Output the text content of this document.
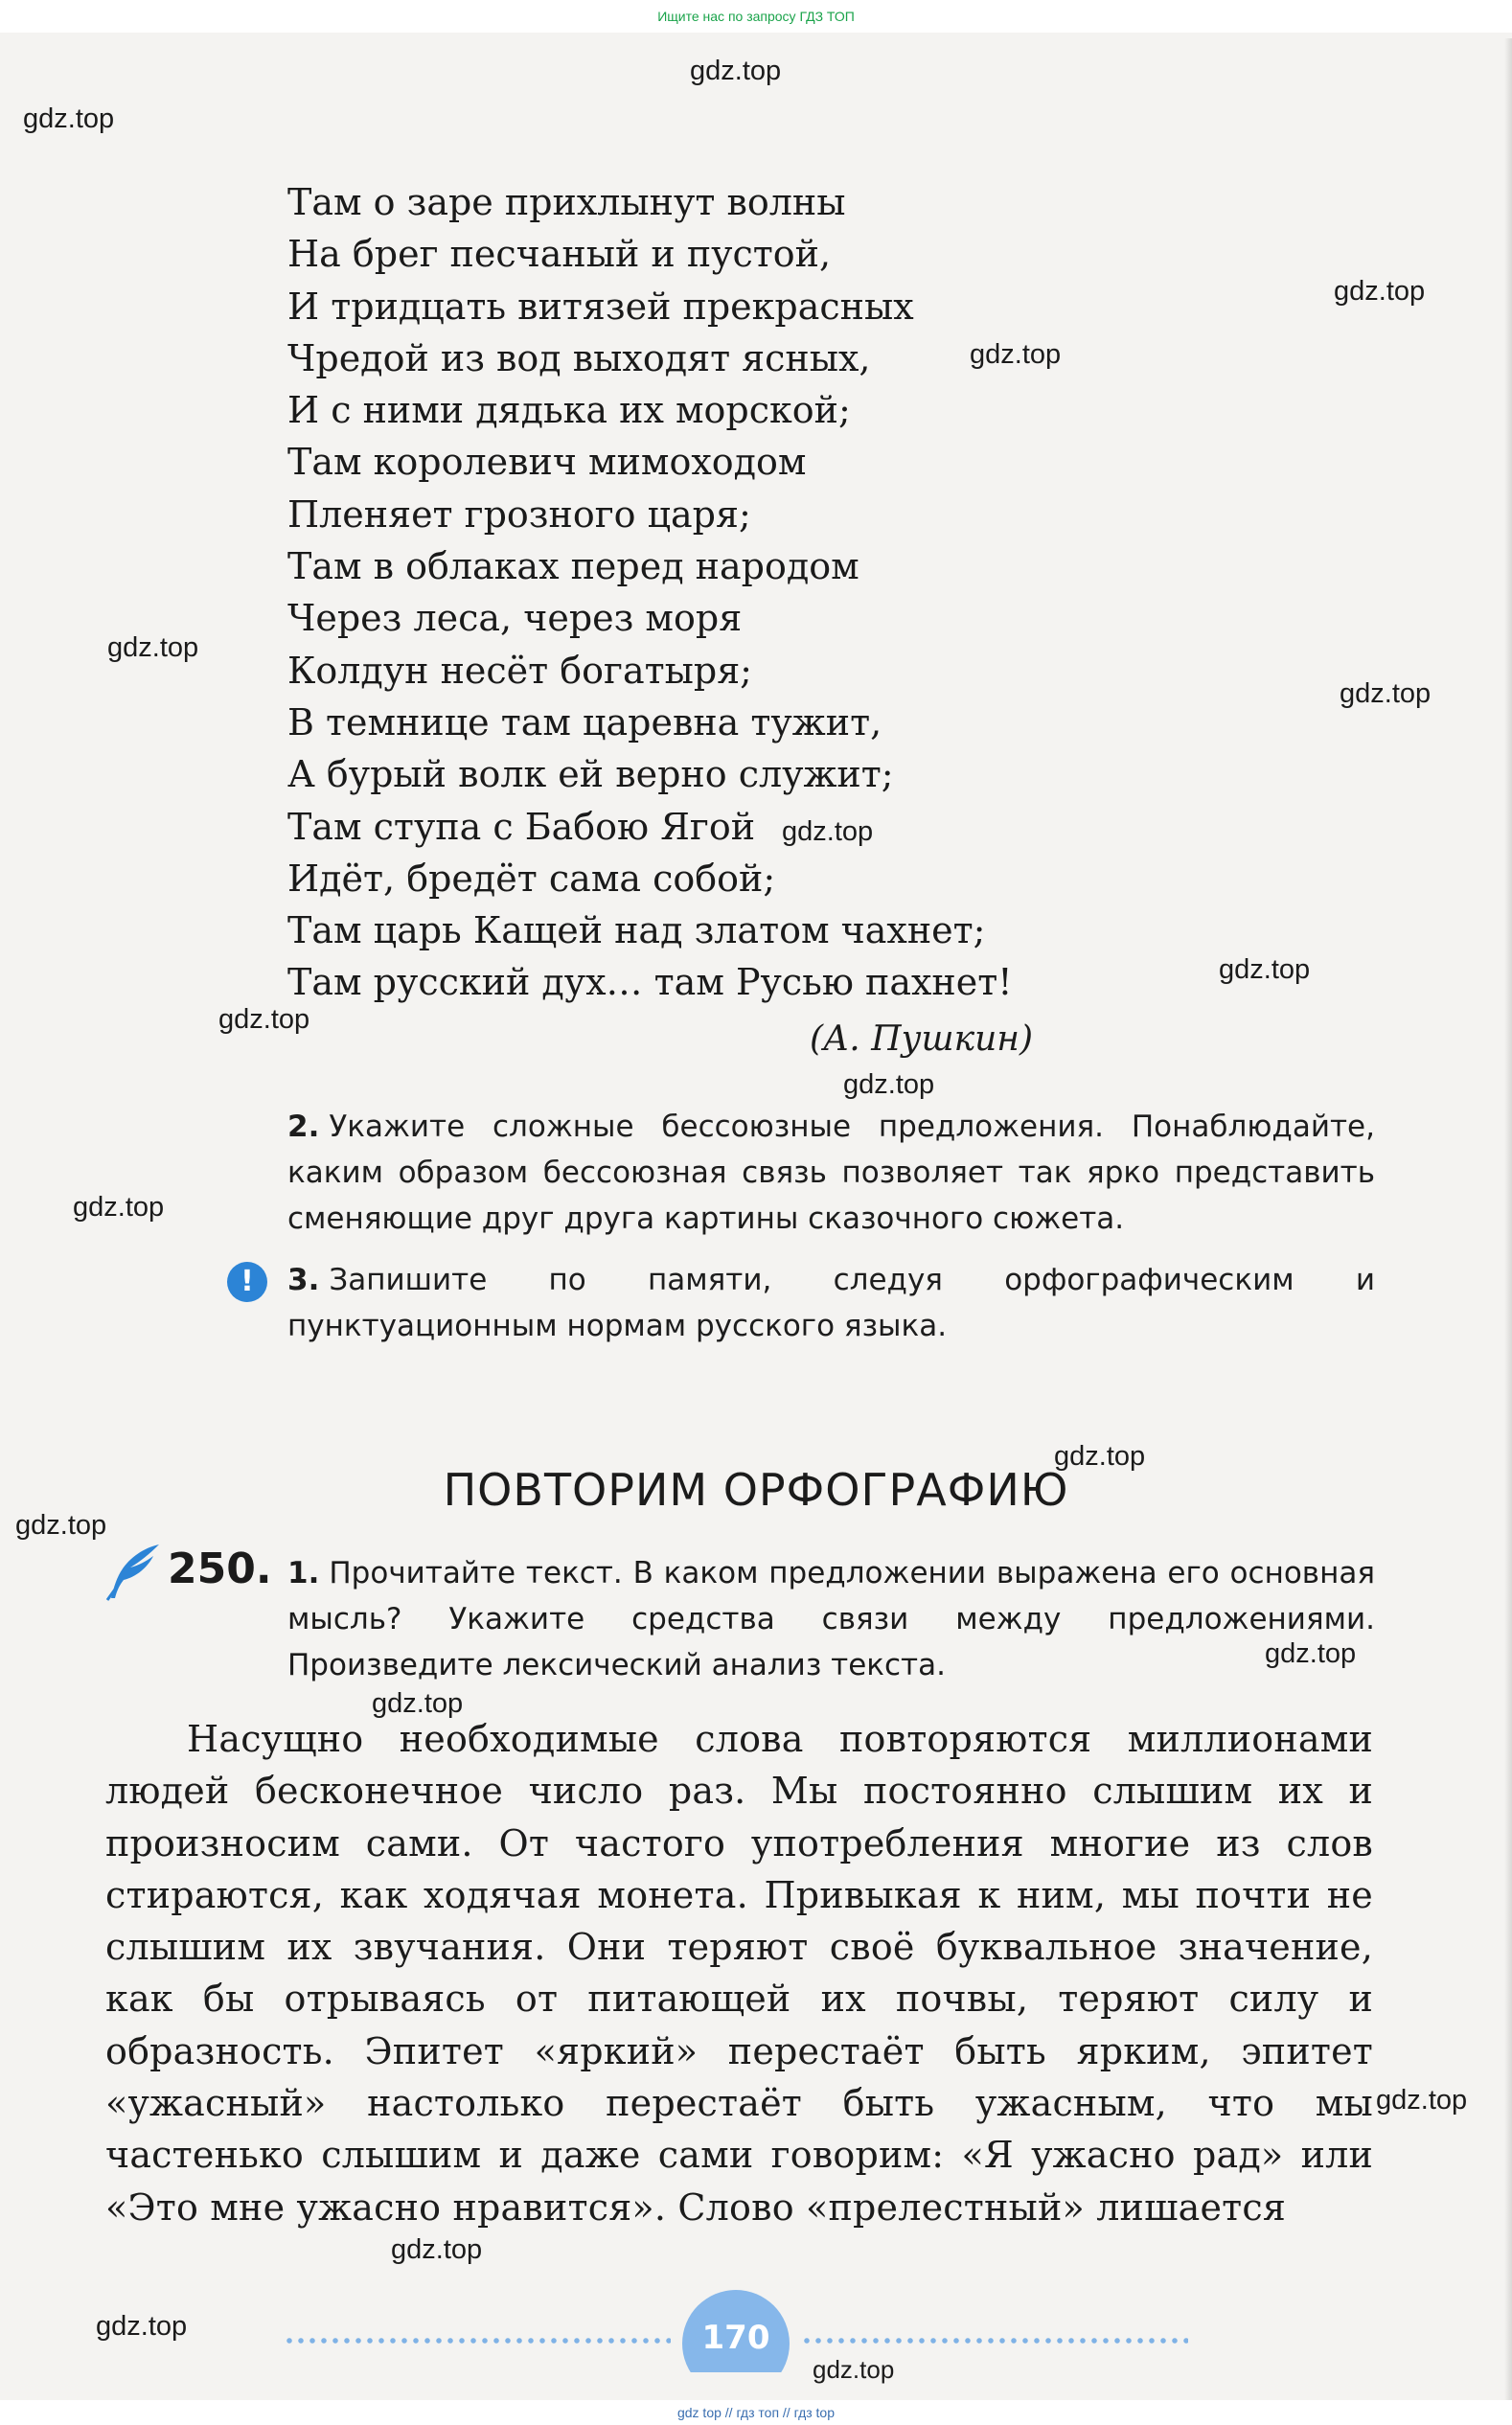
Ищите нас по запросу ГДЗ ТОП
Там о заре прихлынут волны
На брег песчаный и пустой,
И тридцать витязей прекрасных
Чредой из вод выходят ясных,
И с ними дядька их морской;
Там королевич мимоходом
Пленяет грозного царя;
Там в облаках перед народом
Через леса, через моря
Колдун несёт богатыря;
В темнице там царевна тужит,
А бурый волк ей верно служит;
Там ступа с Бабою Ягой
Идёт, бредёт сама собой;
Там царь Кащей над златом чахнет;
Там русский дух… там Русью пахнет!
(А. Пушкин)
2. Укажите сложные бессоюзные предложения. Понаблюдайте, каким образом бессоюзная связь позволяет так ярко представить сменяющие друг друга картины сказочного сюжета.
!	3. Запишите по памяти, следуя орфографическим и пунктуационным нормам русского языка.
ПОВТОРИМ ОРФОГРАФИЮ
250. 1. Прочитайте текст. В каком предложении выражена его основная мысль? Укажите средства связи между предложениями. Произведите лексический анализ текста.
Насущно необходимые слова повторяются миллионами людей бесконечное число раз. Мы постоянно слышим их и произносим сами. От частого употребления многие из слов стираются, как ходячая монета. Привыкая к ним, мы почти не слышим их звучания. Они теряют своё буквальное значение, как бы отрываясь от питающей их почвы, теряют силу и образность. Эпитет «яркий» перестаёт быть ярким, эпитет «ужасный» настолько перестаёт быть ужасным, что мы частенько слышим и даже сами говорим: «Я ужасно рад» или «Это мне ужасно нравится». Слово «прелестный» лишается
170
gdz.top
gdz.top
gdz.top
gdz.top
gdz.top
gdz.top
gdz.top
gdz.top
gdz.top
gdz.top
gdz.top
gdz.top
gdz.top
gdz.top
gdz.top
gdz.top
gdz.top
gdz.top
gdz.top
gdz top // гдз топ // гдз top
